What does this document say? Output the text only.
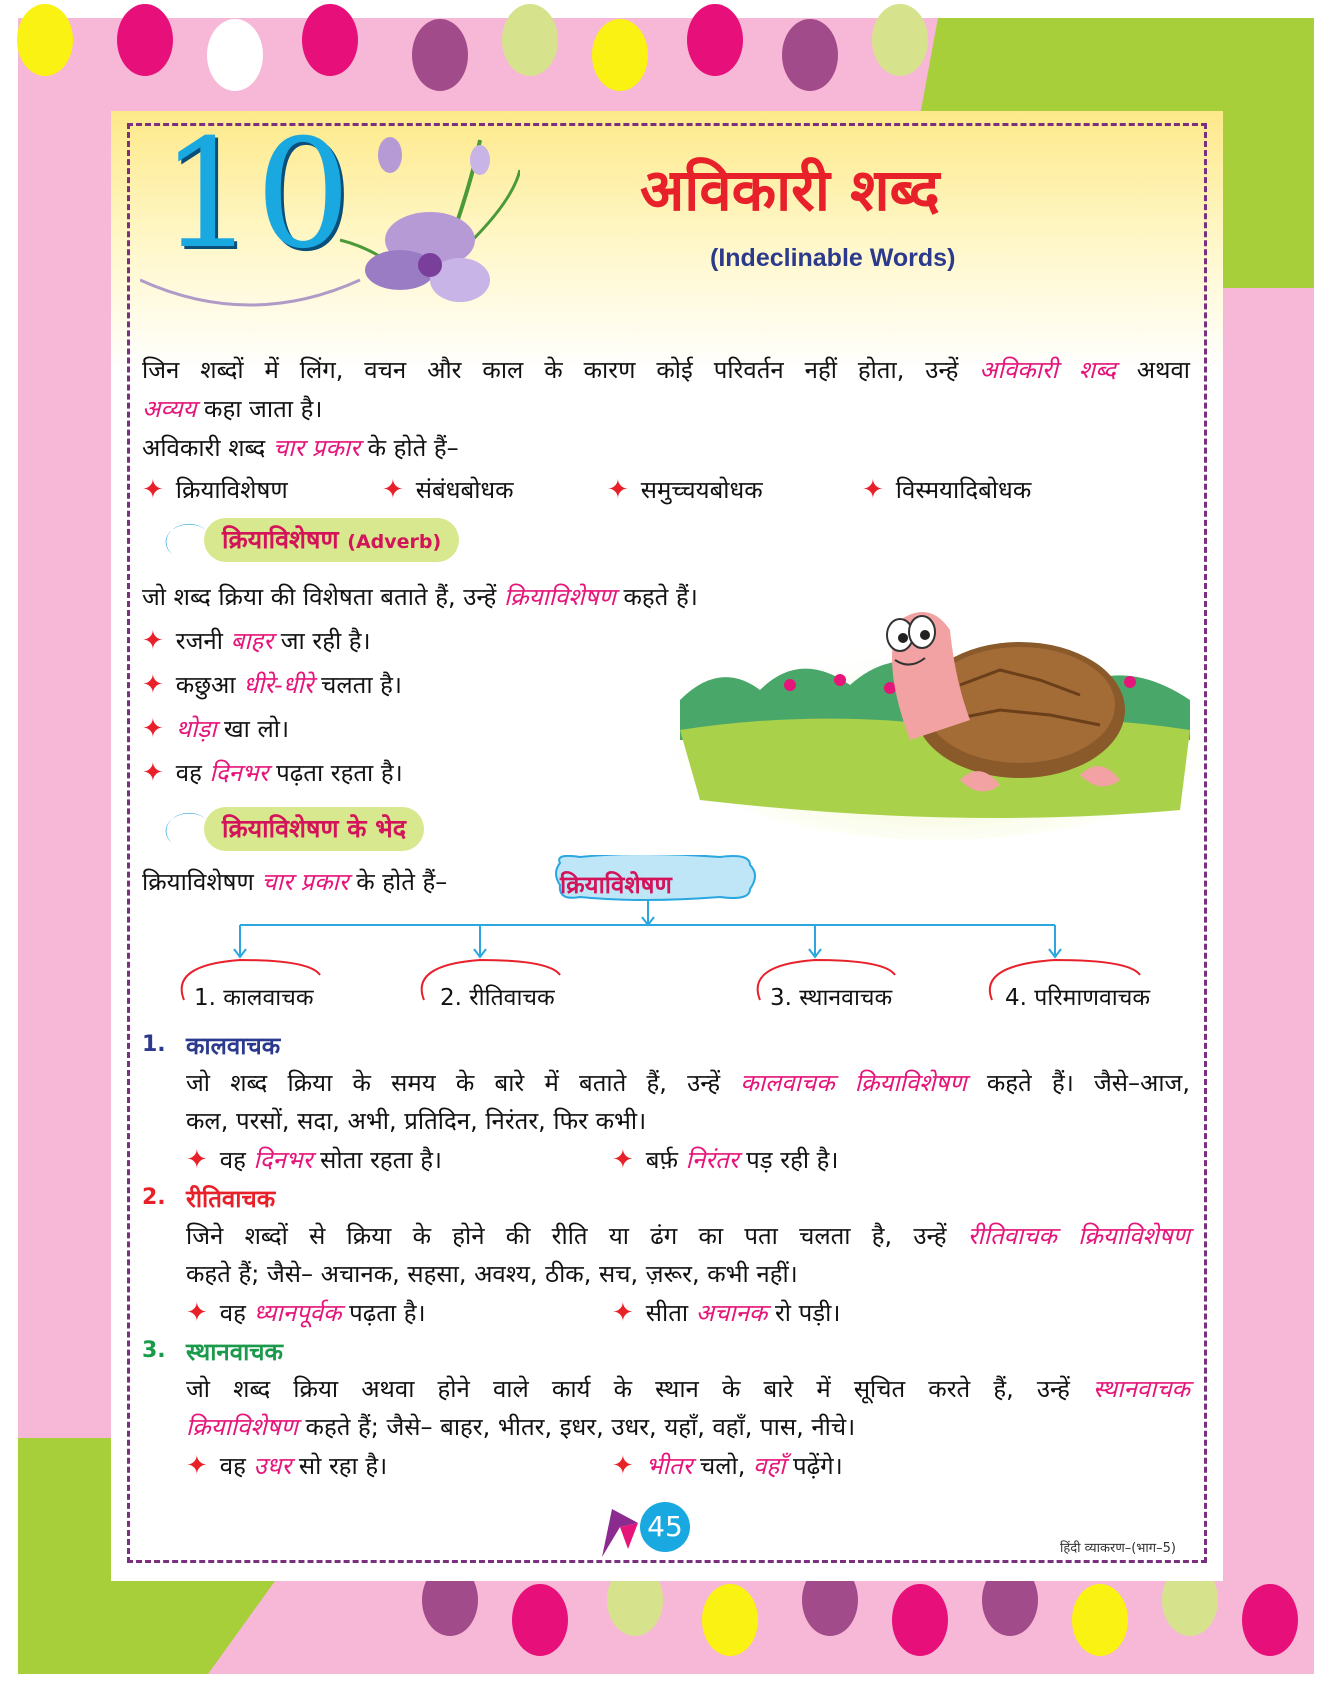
10	अविकारी शब्द
(Indeclinable Words)
जिन शब्दों में लिंग, वचन और काल के कारण कोई परिवर्तन नहीं होता, उन्हें अविकारी शब्द अथवा
अव्यय कहा जाता है।
अविकारी शब्द चार प्रकार के होते हैं–
✦ क्रियाविशेषण	✦ संबंधबोधक	✦ समुच्चयबोधक	✦ विस्मयादिबोधक
क्रियाविशेषण (Adverb)
जो शब्द क्रिया की विशेषता बताते हैं, उन्हें क्रियाविशेषण कहते हैं।
✦ रजनी बाहर जा रही है।
✦ कछुआ धीरे-धीरे चलता है।
✦ थोड़ा खा लो।
✦ वह दिनभर पढ़ता रहता है।
क्रियाविशेषण के भेद
क्रियाविशेषण चार प्रकार के होते हैं–	क्रियाविशेषण
1. कालवाचक	2. रीतिवाचक	3. स्थानवाचक	4. परिमाणवाचक
1. कालवाचक
जो शब्द क्रिया के समय के बारे में बताते हैं, उन्हें कालवाचक क्रियाविशेषण कहते हैं। जैसे–आज,
कल, परसों, सदा, अभी, प्रतिदिन, निरंतर, फिर कभी।
✦ वह दिनभर सोता रहता है।	✦ बर्फ़ निरंतर पड़ रही है।
2. रीतिवाचक
जिने शब्दों से क्रिया के होने की रीति या ढंग का पता चलता है, उन्हें रीतिवाचक क्रियाविशेषण
कहते हैं; जैसे– अचानक, सहसा, अवश्य, ठीक, सच, ज़रूर, कभी नहीं।
✦ वह ध्यानपूर्वक पढ़ता है।	✦ सीता अचानक रो पड़ी।
3. स्थानवाचक
जो शब्द क्रिया अथवा होने वाले कार्य के स्थान के बारे में सूचित करते हैं, उन्हें स्थानवाचक
क्रियाविशेषण कहते हैं; जैसे– बाहर, भीतर, इधर, उधर, यहाँ, वहाँ, पास, नीचे।
✦ वह उधर सो रहा है।	✦ भीतर चलो, वहाँ पढ़ेंगे।
45
हिंदी व्याकरण–(भाग–5)
